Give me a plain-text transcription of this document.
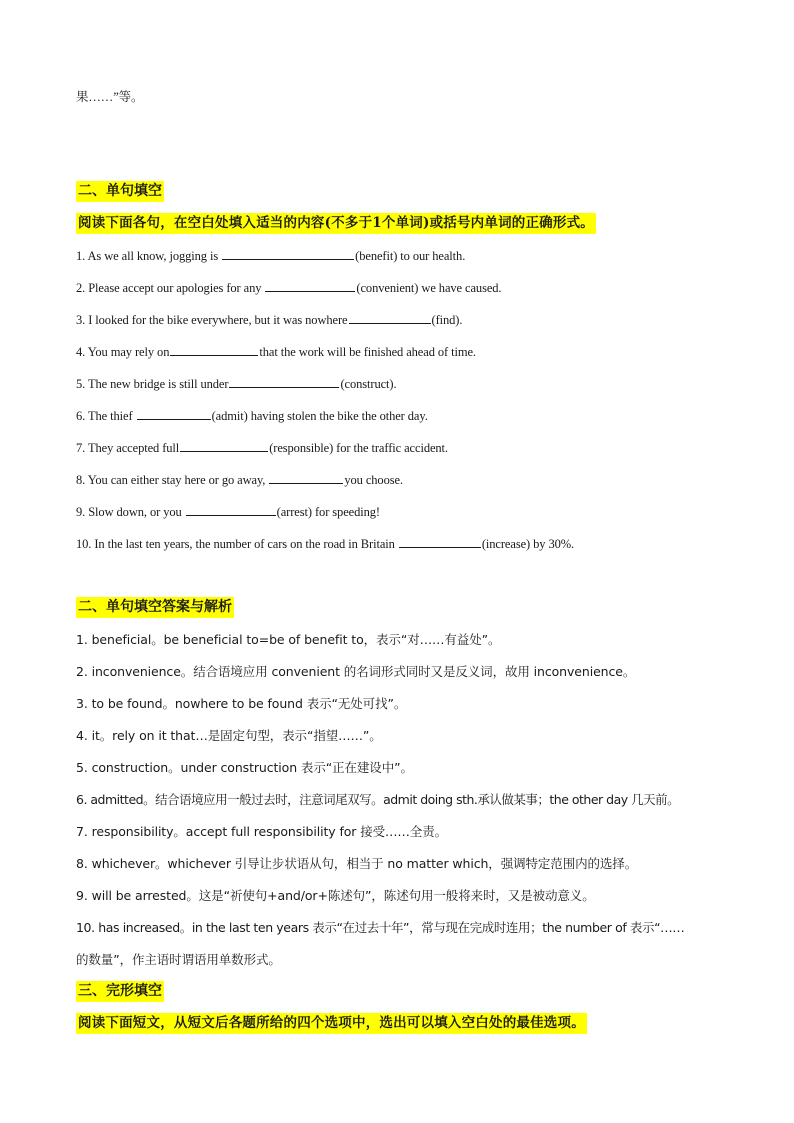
果……”等。
二、单句填空
阅读下面各句，在空白处填入适当的内容(不多于1个单词)或括号内单词的正确形式。
1. As we all know, jogging is	(benefit) to our health.
2. Please accept our apologies for any	(convenient) we have caused.
3. I looked for the bike everywhere, but it was nowhere	(find).
4. You may rely on	that the work will be finished ahead of time.
5. The new bridge is still under	(construct).
6. The thief	(admit) having stolen the bike the other day.
7. They accepted full	(responsible) for the traffic accident.
8. You can either stay here or go away,	you choose.
9. Slow down, or you	(arrest) for speeding!
10. In the last ten years, the number of cars on the road in Britain	(increase) by 30%.
二、单句填空答案与解析
1. beneficial。be beneficial to=be of benefit to，表示“对……有益处”。
2. inconvenience。结合语境应用 convenient 的名词形式同时又是反义词，故用 inconvenience。
3. to be found。nowhere to be found 表示“无处可找”。
4. it。rely on it that…是固定句型，表示“指望……”。
5. construction。under construction 表示“正在建设中”。
6. admitted。结合语境应用一般过去时，注意词尾双写。admit doing sth.承认做某事；the other day 几天前。
7. responsibility。accept full responsibility for 接受……全责。
8. whichever。whichever 引导让步状语从句，相当于 no matter which，强调特定范围内的选择。
9. will be arrested。这是“祈使句+and/or+陈述句”，陈述句用一般将来时，又是被动意义。
10. has increased。in the last ten years 表示“在过去十年”，常与现在完成时连用；the number of 表示“……
的数量”，作主语时谓语用单数形式。
三、完形填空
阅读下面短文，从短文后各题所给的四个选项中，选出可以填入空白处的最佳选项。
